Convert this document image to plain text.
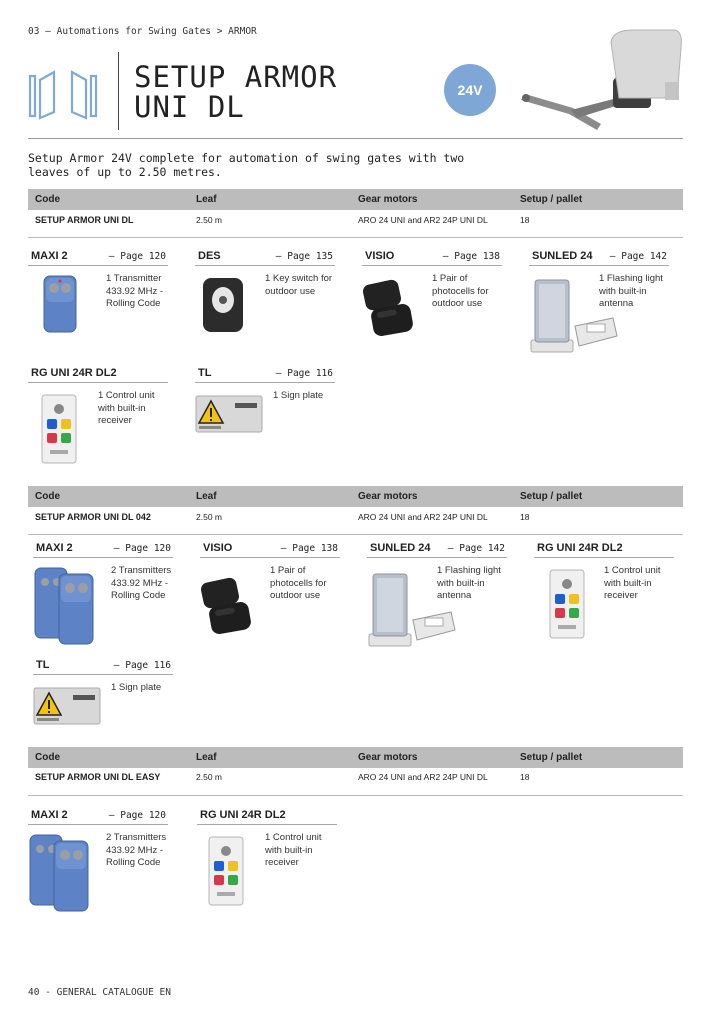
03 — Automations for Swing Gates > ARMOR
SETUP ARMOR
UNI DL	24V
Setup Armor 24V complete for automation of swing gates with two leaves of up to 2.50 metres.
Code	Leaf	Gear motors	Setup / pallet
SETUP ARMOR UNI DL	2.50 m	ARO 24 UNI and AR2 24P UNI DL	18
MAXI 2	– Page 120
1 Transmitter
433.92 MHz -
Rolling Code
DES	– Page 135
1 Key switch for
outdoor use
VISIO	– Page 138
1 Pair of
photocells for
outdoor use
SUNLED 24 – Page 142
1 Flashing light
with built-in
antenna
RG UNI 24R DL2
1 Control unit
with built-in
receiver
TL	– Page 116
1 Sign plate
Code	Leaf	Gear motors	Setup / pallet
SETUP ARMOR UNI DL 042	2.50 m	ARO 24 UNI and AR2 24P UNI DL	18
MAXI 2	– Page 120
2 Transmitters
433.92 MHz -
Rolling Code
VISIO	– Page 138
1 Pair of
photocells for
outdoor use
SUNLED 24 – Page 142
1 Flashing light
with built-in
antenna
RG UNI 24R DL2
1 Control unit
with built-in
receiver
TL	– Page 116
1 Sign plate
Code	Leaf	Gear motors	Setup / pallet
SETUP ARMOR UNI DL EASY	2.50 m	ARO 24 UNI and AR2 24P UNI DL	18
MAXI 2	– Page 120
2 Transmitters
433.92 MHz -
Rolling Code
RG UNI 24R DL2
1 Control unit
with built-in
receiver
40 - GENERAL CATALOGUE EN
